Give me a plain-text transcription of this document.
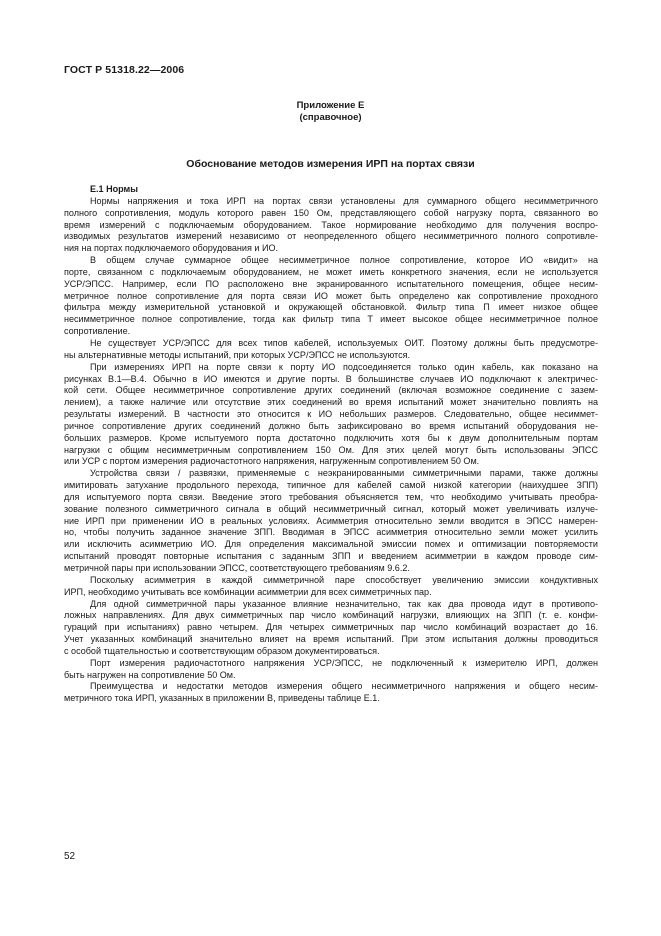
ГОСТ Р 51318.22—2006
Приложение Е
(справочное)
Обоснование методов измерения ИРП на портах связи
Е.1 Нормы
Нормы напряжения и тока ИРП на портах связи установлены для суммарного общего несимметричного
полного сопротивления, модуль которого равен 150 Ом, представляющего собой нагрузку порта, связанного во
время измерений с подключаемым оборудованием. Такое нормирование необходимо для получения воспро-
изводимых результатов измерений независимо от неопределенного общего несимметричного полного сопротивле-
ния на портах подключаемого оборудования и ИО.
В общем случае суммарное общее несимметричное полное сопротивление, которое ИО «видит» на
порте, связанном с подключаемым оборудованием, не может иметь конкретного значения, если не используется
УСР/ЭПСС. Например, если ПО расположено вне экранированного испытательного помещения, общее несим-
метричное полное сопротивление для порта связи ИО может быть определено как сопротивление проходного
фильтра между измерительной установкой и окружающей обстановкой. Фильтр типа П имеет низкое общее
несимметричное полное сопротивление, тогда как фильтр типа Т имеет высокое общее несимметричное полное
сопротивление.
Не существует УСР/ЭПСС для всех типов кабелей, используемых ОИТ. Поэтому должны быть предусмотре-
ны альтернативные методы испытаний, при которых УСР/ЭПСС не используются.
При измерениях ИРП на порте связи к порту ИО подсоединяется только один кабель, как показано на
рисунках В.1—В.4. Обычно в ИО имеются и другие порты. В большинстве случаев ИО подключают к электричес-
кой сети. Общее несимметричное сопротивление других соединений (включая возможное соединение с зазем-
лением), а также наличие или отсутствие этих соединений во время испытаний может значительно повлиять на
результаты измерений. В частности это относится к ИО небольших размеров. Следовательно, общее несиммет-
ричное сопротивление других соединений должно быть зафиксировано во время испытаний оборудования не-
больших размеров. Кроме испытуемого порта достаточно подключить хотя бы к двум дополнительным портам
нагрузки с общим несимметричным сопротивлением 150 Ом. Для этих целей могут быть использованы ЭПСС
или УСР с портом измерения радиочастотного напряжения, нагруженным сопротивлением 50 Ом.
Устройства связи / развязки, применяемые с неэкранированными симметричными парами, также должны
имитировать затухание продольного перехода, типичное для кабелей самой низкой категории (наихудшее ЗПП)
для испытуемого порта связи. Введение этого требования объясняется тем, что необходимо учитывать преобра-
зование полезного симметричного сигнала в общий несимметричный сигнал, который может увеличивать излуче-
ние ИРП при применении ИО в реальных условиях. Асимметрия относительно земли вводится в ЭПСС намерен-
но, чтобы получить заданное значение ЗПП. Вводимая в ЭПСС асимметрия относительно земли может усилить
или исключить асимметрию ИО. Для определения максимальной эмиссии помех и оптимизации повторяемости
испытаний проводят повторные испытания с заданным ЗПП и введением асимметрии в каждом проводе сим-
метричной пары при использовании ЭПСС, соответствующего требованиям 9.6.2.
Поскольку асимметрия в каждой симметричной паре способствует увеличению эмиссии кондуктивных
ИРП, необходимо учитывать все комбинации асимметрии для всех симметричных пар.
Для одной симметричной пары указанное влияние незначительно, так как два провода идут в противопо-
ложных направлениях. Для двух симметричных пар число комбинаций нагрузки, влияющих на ЗПП (т. е. конфи-
гураций при испытаниях) равно четырем. Для четырех симметричных пар число комбинаций возрастает до 16.
Учет указанных комбинаций значительно влияет на время испытаний. При этом испытания должны проводиться
с особой тщательностью и соответствующим образом документироваться.
Порт измерения радиочастотного напряжения УСР/ЭПСС, не подключенный к измерителю ИРП, должен
быть нагружен на сопротивление 50 Ом.
Преимущества и недостатки методов измерения общего несимметричного напряжения и общего несим-
метричного тока ИРП, указанных в приложении В, приведены таблице Е.1.
52
